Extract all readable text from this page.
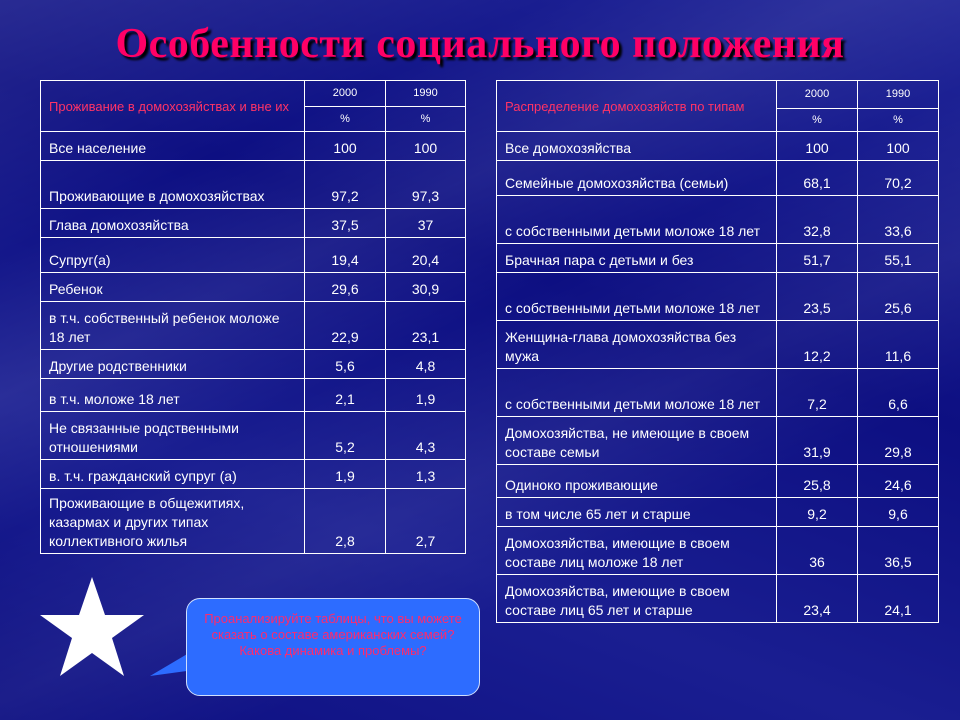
Особенности социального положения
Проживание в домохозяйствах и вне их	2000	1990
	%	%
Все население	100	100
Проживающие в домохозяйствах	97,2	97,3
Глава домохозяйства	37,5	37
Супруг(а)	19,4	20,4
Ребенок	29,6	30,9
в т.ч. собственный ребенок моложе 18 лет	22,9	23,1
Другие родственники	5,6	4,8
в т.ч. моложе 18 лет	2,1	1,9
Не связанные родственными отношениями	5,2	4,3
в. т.ч. гражданский супруг (а)	1,9	1,3
Проживающие в общежитиях, казармах и других типах коллективного жилья	2,8	2,7
Распределение домохозяйств по типам	2000	1990
	%	%
Все домохозяйства	100	100
Семейные домохозяйства (семьи)	68,1	70,2
с собственными детьми моложе 18 лет	32,8	33,6
Брачная пара с детьми и без	51,7	55,1
с собственными детьми моложе 18 лет	23,5	25,6
Женщина-глава домохозяйства без мужа	12,2	11,6
с собственными детьми моложе 18 лет	7,2	6,6
Домохозяйства, не имеющие в своем составе семьи	31,9	29,8
Одиноко проживающие	25,8	24,6
в том числе 65 лет и старше	9,2	9,6
Домохозяйства, имеющие в своем составе лиц моложе 18 лет	36	36,5
Домохозяйства, имеющие в своем составе лиц 65 лет и старше	23,4	24,1
Проанализируйте таблицы, что вы можете сказать о составе американских семей? Какова динамика и проблемы?
